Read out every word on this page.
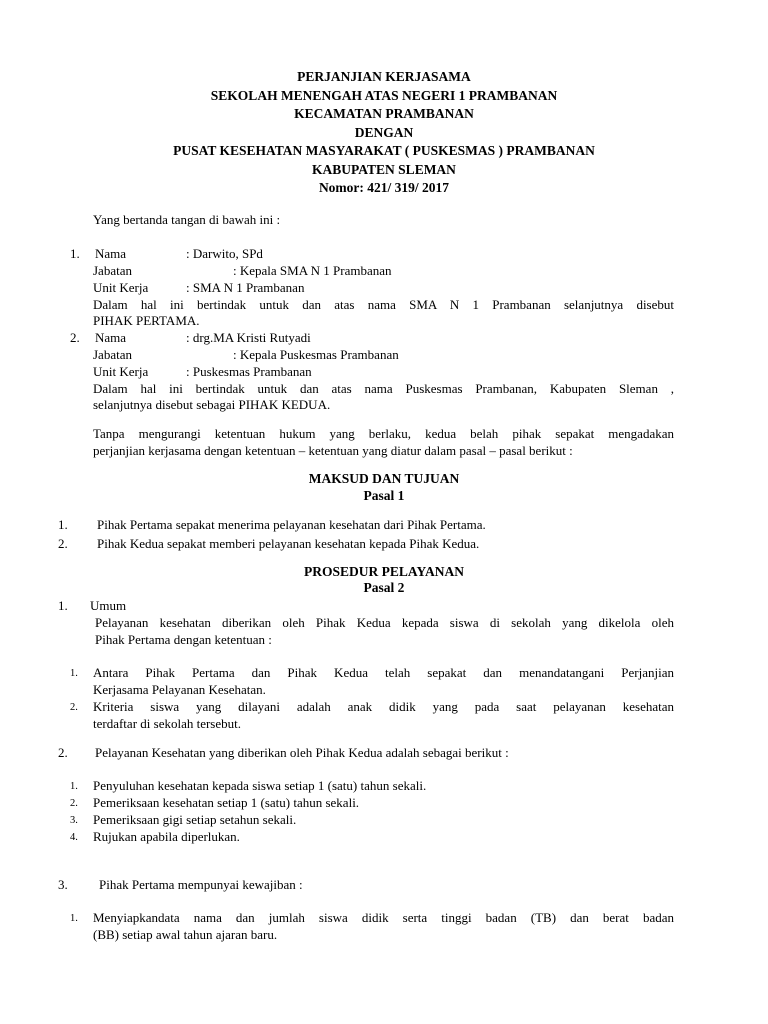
PERJANJIAN KERJASAMA
SEKOLAH MENENGAH ATAS NEGERI 1 PRAMBANAN
KECAMATAN PRAMBANAN
DENGAN
PUSAT KESEHATAN MASYARAKAT ( PUSKESMAS ) PRAMBANAN
KABUPATEN SLEMAN
Nomor: 421/ 319/ 2017
Yang bertanda tangan di bawah ini :
1. Nama	: Darwito, SPd
Jabatan	: Kepala SMA N 1 Prambanan
Unit Kerja	: SMA N 1 Prambanan
Dalam hal ini bertindak untuk dan atas nama SMA N 1 Prambanan selanjutnya disebut
PIHAK PERTAMA.
2. Nama	: drg.MA Kristi Rutyadi
Jabatan	: Kepala Puskesmas Prambanan
Unit Kerja	: Puskesmas Prambanan
Dalam hal ini bertindak untuk dan atas nama Puskesmas Prambanan, Kabupaten Sleman ,
selanjutnya disebut sebagai PIHAK KEDUA.
Tanpa mengurangi ketentuan hukum yang berlaku, kedua belah pihak sepakat mengadakan
perjanjian kerjasama dengan ketentuan – ketentuan yang diatur dalam pasal – pasal berikut :
MAKSUD DAN TUJUAN
Pasal 1
1. Pihak Pertama sepakat menerima pelayanan kesehatan dari Pihak Pertama.
2. Pihak Kedua sepakat memberi pelayanan kesehatan kepada Pihak Kedua.
PROSEDUR PELAYANAN
Pasal 2
1. Umum
Pelayanan kesehatan diberikan oleh Pihak Kedua kepada siswa di sekolah yang dikelola oleh
Pihak Pertama dengan ketentuan :
1. Antara Pihak Pertama dan Pihak Kedua telah sepakat dan menandatangani Perjanjian
Kerjasama Pelayanan Kesehatan.
2. Kriteria siswa yang dilayani adalah anak didik yang pada saat pelayanan kesehatan
terdaftar di sekolah tersebut.
2. Pelayanan Kesehatan yang diberikan oleh Pihak Kedua adalah sebagai berikut :
1. Penyuluhan kesehatan kepada siswa setiap 1 (satu) tahun sekali.
2. Pemeriksaan kesehatan setiap 1 (satu) tahun sekali.
3. Pemeriksaan gigi setiap setahun sekali.
4. Rujukan apabila diperlukan.
3. Pihak Pertama mempunyai kewajiban :
1. Menyiapkandata nama dan jumlah siswa didik serta tinggi badan (TB) dan berat badan
(BB) setiap awal tahun ajaran baru.
